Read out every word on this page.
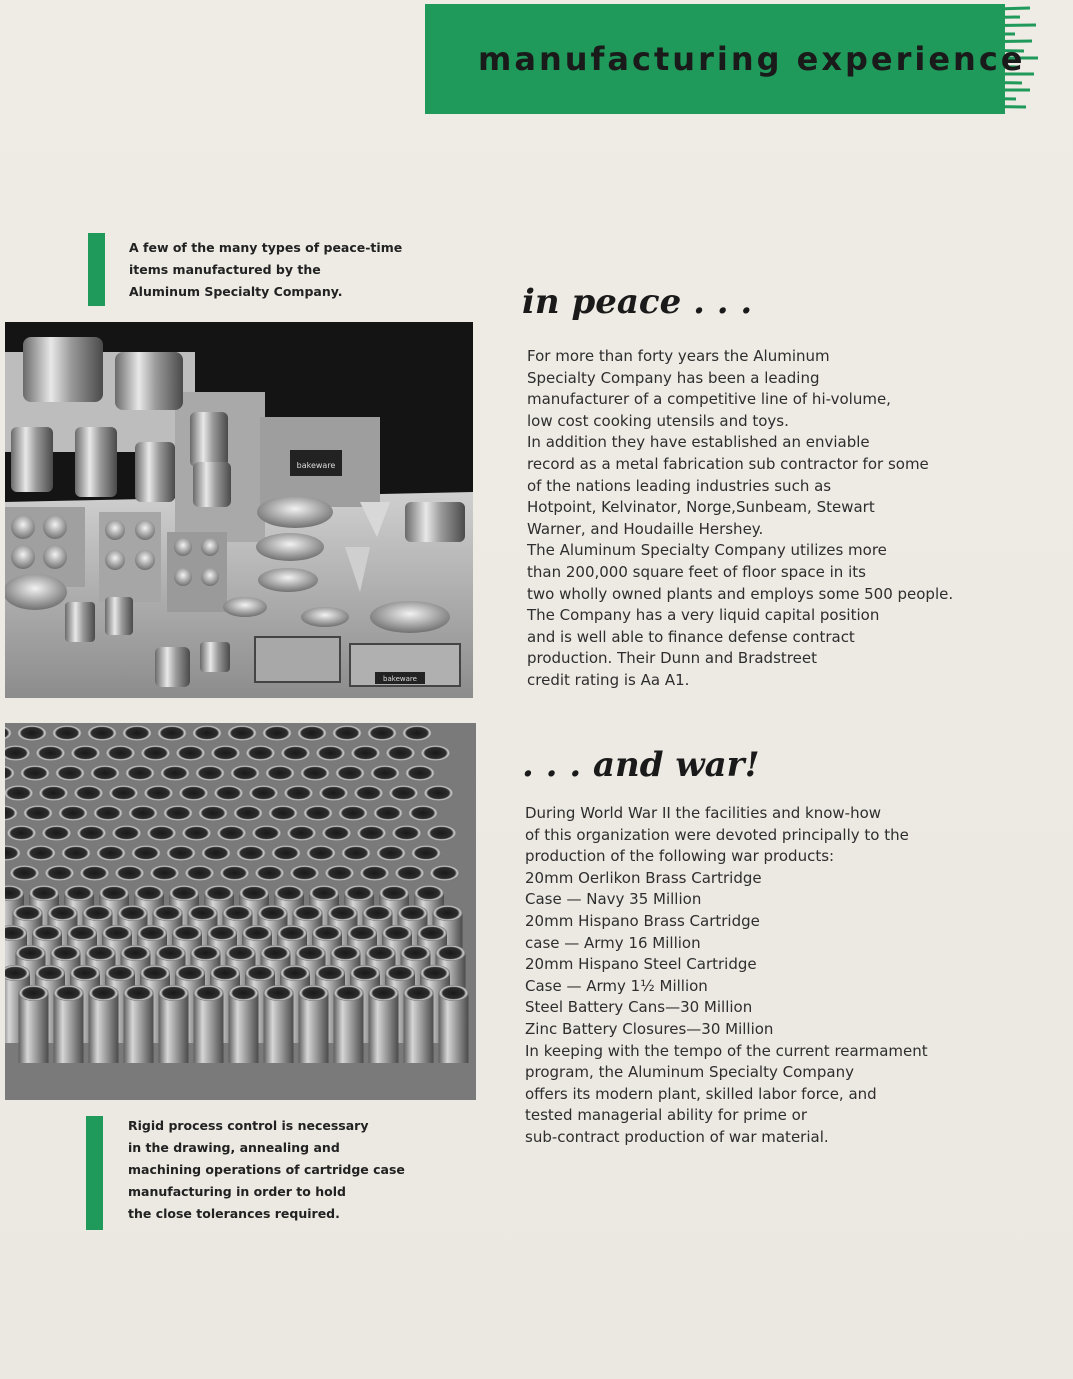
manufacturing experience
A few of the many types of peace-time
items manufactured by the
Aluminum Specialty Company.
bakeware
bakeware
Rigid process control is necessary
in the drawing, annealing and
machining operations of cartridge case
manufacturing in order to hold
the close tolerances required.
in peace . . .
For more than forty years the Aluminum
Specialty Company has been a leading
manufacturer of a competitive line of hi-volume,
low cost cooking utensils and toys.
In addition they have established an enviable
record as a metal fabrication sub contractor for some
of the nations leading industries such as
Hotpoint, Kelvinator, Norge,Sunbeam, Stewart
Warner, and Houdaille Hershey.
The Aluminum Specialty Company utilizes more
than 200,000 square feet of floor space in its
two wholly owned plants and employs some 500 people.
The Company has a very liquid capital position
and is well able to finance defense contract
production. Their Dunn and Bradstreet
credit rating is Aa A1.
. . . and war!
During World War II the facilities and know-how
of this organization were devoted principally to the
production of the following war products:
20mm Oerlikon Brass Cartridge
Case — Navy 35 Million
20mm Hispano Brass Cartridge
case — Army 16 Million
20mm Hispano Steel Cartridge
Case — Army 1½ Million
Steel Battery Cans—30 Million
Zinc Battery Closures—30 Million
In keeping with the tempo of the current rearmament
program, the Aluminum Specialty Company
offers its modern plant, skilled labor force, and
tested managerial ability for prime or
sub-contract production of war material.
